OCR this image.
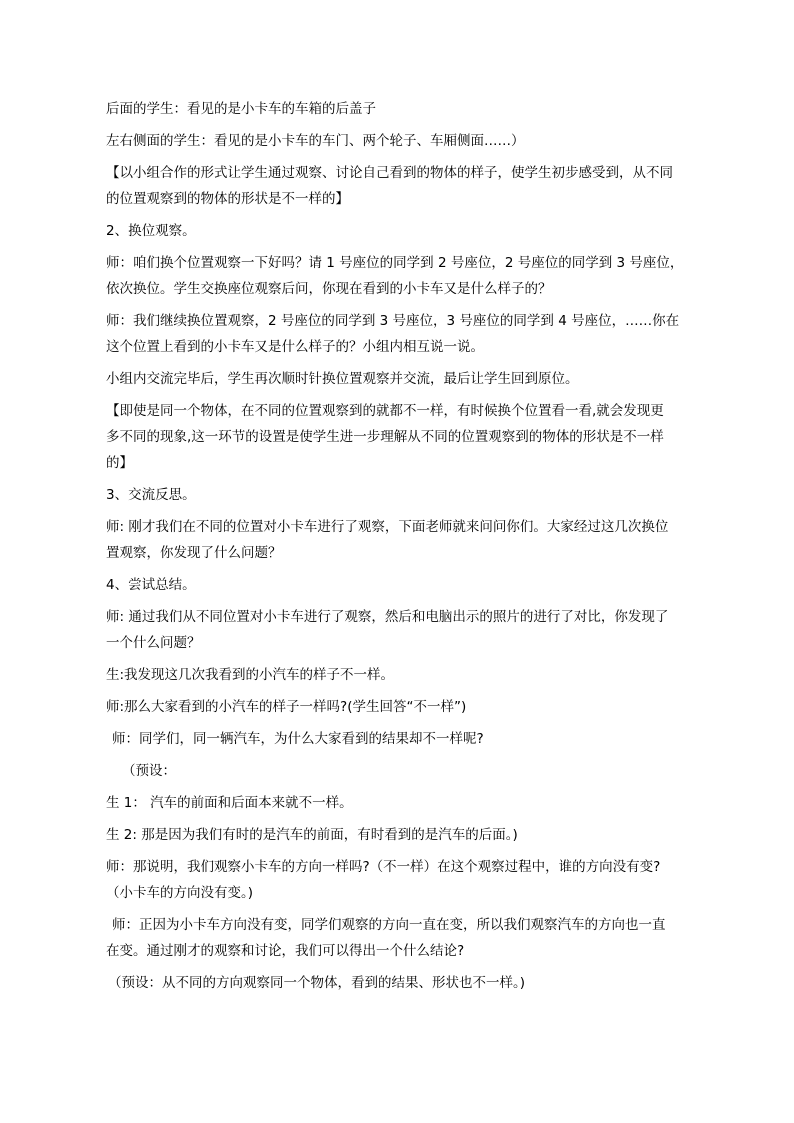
后面的学生：看见的是小卡车的车箱的后盖子
左右侧面的学生：看见的是小卡车的车门、两个轮子、车厢侧面……）
【以小组合作的形式让学生通过观察、讨论自己看到的物体的样子，使学生初步感受到，从不同
的位置观察到的物体的形状是不一样的】
2、换位观察。
师：咱们换个位置观察一下好吗？请 1 号座位的同学到 2 号座位，2 号座位的同学到 3 号座位，
依次换位。学生交换座位观察后问，你现在看到的小卡车又是什么样子的？
师：我们继续换位置观察，2 号座位的同学到 3 号座位，3 号座位的同学到 4 号座位，……你在
这个位置上看到的小卡车又是什么样子的？小组内相互说一说。
小组内交流完毕后，学生再次顺时针换位置观察并交流，最后让学生回到原位。
【即使是同一个物体，在不同的位置观察到的就都不一样，有时候换个位置看一看,就会发现更
多不同的现象,这一环节的设置是使学生进一步理解从不同的位置观察到的物体的形状是不一样
的】
3、交流反思。
师: 刚才我们在不同的位置对小卡车进行了观察，下面老师就来问问你们。大家经过这几次换位
置观察，你发现了什么问题？
4、尝试总结。
师: 通过我们从不同位置对小卡车进行了观察，然后和电脑出示的照片的进行了对比，你发现了
一个什么问题？
生:我发现这几次我看到的小汽车的样子不一样。
师:那么大家看到的小汽车的样子一样吗?(学生回答“不一样”)
师：同学们，同一辆汽车，为什么大家看到的结果却不一样呢?
（预设：
生 1： 汽车的前面和后面本来就不一样。
生 2: 那是因为我们有时的是汽车的前面，有时看到的是汽车的后面。)
师：那说明，我们观察小卡车的方向一样吗?（不一样）在这个观察过程中，谁的方向没有变?
（小卡车的方向没有变。)
师：正因为小卡车方向没有变，同学们观察的方向一直在变，所以我们观察汽车的方向也一直
在变。通过刚才的观察和讨论，我们可以得出一个什么结论?
（预设：从不同的方向观察同一个物体，看到的结果、形状也不一样。)
